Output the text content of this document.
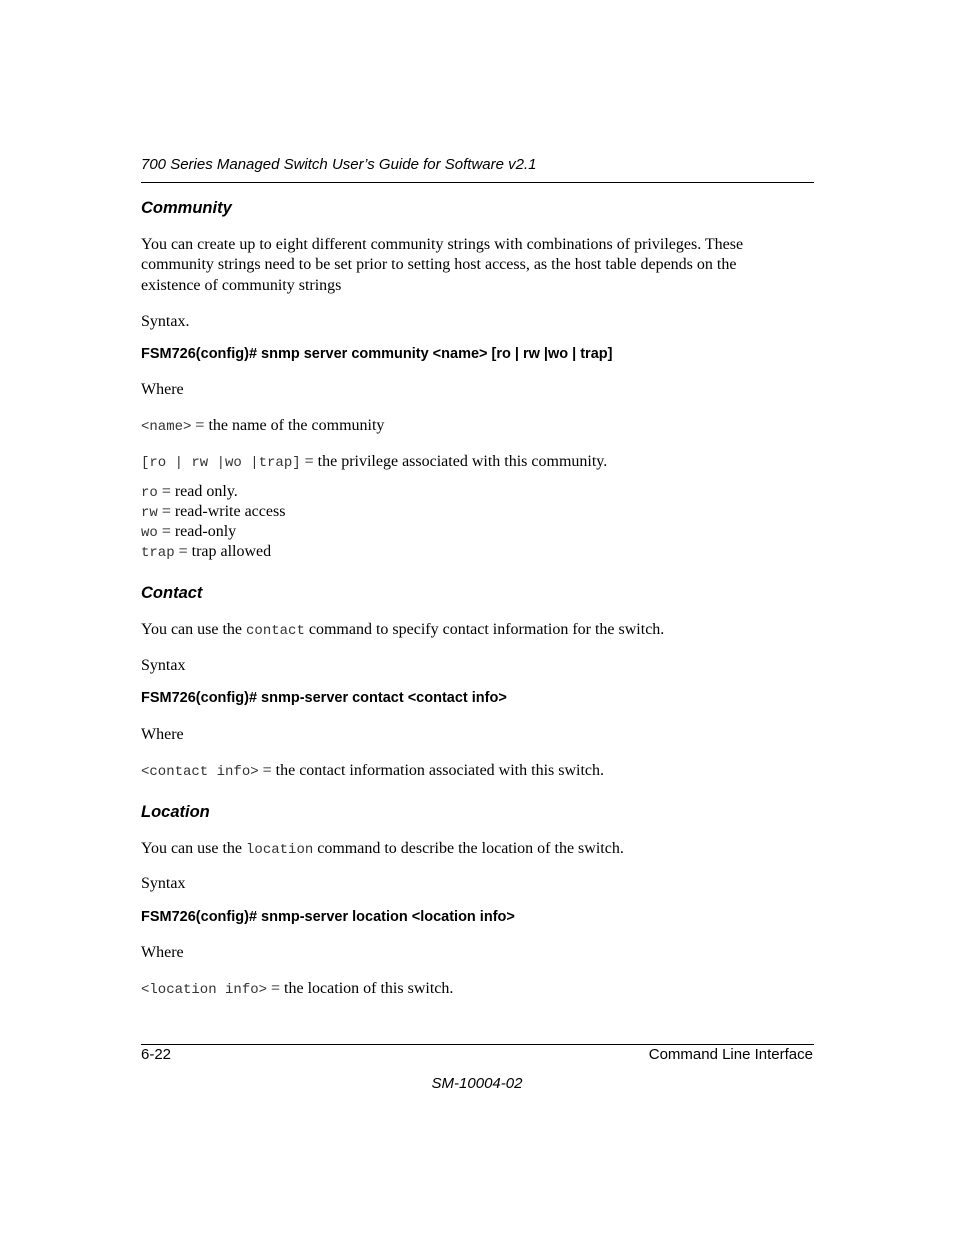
700 Series Managed Switch User’s Guide for Software v2.1
Community
You can create up to eight different community strings with combinations of privileges. These
community strings need to be set prior to setting host access, as the host table depends on the
existence of community strings
Syntax.
FSM726(config)# snmp server community <name> [ro | rw |wo | trap]
Where
<name> = the name of the community
[ro | rw |wo |trap] = the privilege associated with this community.
ro = read only.
rw = read-write access
wo = read-only
trap = trap allowed
Contact
You can use the contact command to specify contact information for the switch.
Syntax
FSM726(config)# snmp-server contact <contact info>
Where
<contact info> = the contact information associated with this switch.
Location
You can use the location command to describe the location of the switch.
Syntax
FSM726(config)# snmp-server location <location info>
Where
<location info> = the location of this switch.
6-22	Command Line Interface
SM-10004-02
